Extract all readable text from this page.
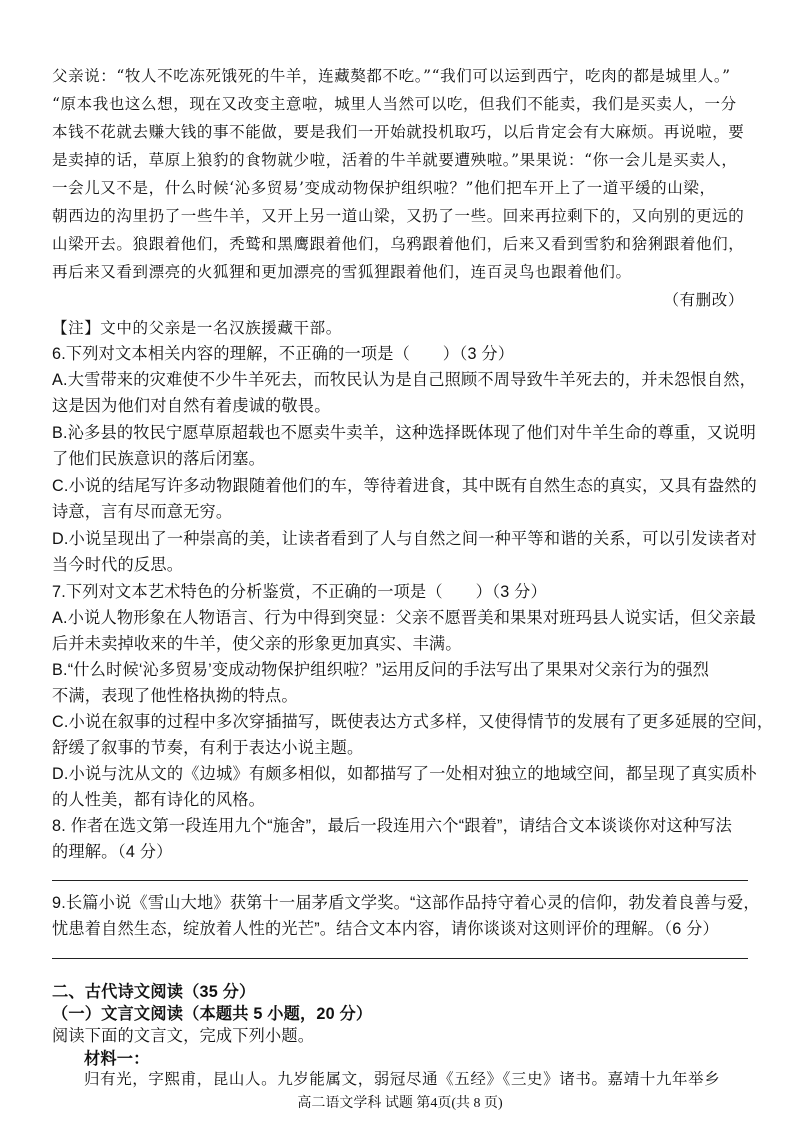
父亲说：“牧人不吃冻死饿死的牛羊，连藏獒都不吃。”“我们可以运到西宁，吃肉的都是城里人。”
“原本我也这么想，现在又改变主意啦，城里人当然可以吃，但我们不能卖，我们是买卖人，一分
本钱不花就去赚大钱的事不能做，要是我们一开始就投机取巧，以后肯定会有大麻烦。再说啦，要
是卖掉的话，草原上狼豹的食物就少啦，活着的牛羊就要遭殃啦。”果果说：“你一会儿是买卖人，
一会儿又不是，什么时候‘沁多贸易’变成动物保护组织啦？”他们把车开上了一道平缓的山梁，
朝西边的沟里扔了一些牛羊，又开上另一道山梁，又扔了一些。回来再拉剩下的，又向别的更远的
山梁开去。狼跟着他们，秃鹫和黑鹰跟着他们，乌鸦跟着他们，后来又看到雪豹和猞猁跟着他们，
再后来又看到漂亮的火狐狸和更加漂亮的雪狐狸跟着他们，连百灵鸟也跟着他们。
（有删改）
【注】文中的父亲是一名汉族援藏干部。
6.下列对文本相关内容的理解，不正确的一项是（　　）（3 分）
A.大雪带来的灾难使不少牛羊死去，而牧民认为是自己照顾不周导致牛羊死去的，并未怨恨自然，
这是因为他们对自然有着虔诚的敬畏。
B.沁多县的牧民宁愿草原超载也不愿卖牛卖羊，这种选择既体现了他们对牛羊生命的尊重，又说明
了他们民族意识的落后闭塞。
C.小说的结尾写许多动物跟随着他们的车，等待着进食，其中既有自然生态的真实，又具有盎然的
诗意，言有尽而意无穷。
D.小说呈现出了一种崇高的美，让读者看到了人与自然之间一种平等和谐的关系，可以引发读者对
当今时代的反思。
7.下列对文本艺术特色的分析鉴赏，不正确的一项是（　　）（3 分）
A.小说人物形象在人物语言、行为中得到突显：父亲不愿晋美和果果对班玛县人说实话，但父亲最
后并未卖掉收来的牛羊，使父亲的形象更加真实、丰满。
B.“什么时候‘沁多贸易’变成动物保护组织啦？”运用反问的手法写出了果果对父亲行为的强烈
不满，表现了他性格执拗的特点。
C.小说在叙事的过程中多次穿插描写，既使表达方式多样，又使得情节的发展有了更多延展的空间，
舒缓了叙事的节奏，有利于表达小说主题。
D.小说与沈从文的《边城》有颇多相似，如都描写了一处相对独立的地域空间，都呈现了真实质朴
的人性美，都有诗化的风格。
8. 作者在选文第一段连用九个“施舍”，最后一段连用六个“跟着”，请结合文本谈谈你对这种写法
的理解。（4 分）
9.长篇小说《雪山大地》获第十一届茅盾文学奖。“这部作品持守着心灵的信仰，勃发着良善与爱，
忧患着自然生态，绽放着人性的光芒”。结合文本内容，请你谈谈对这则评价的理解。（6 分）
二、古代诗文阅读（35 分）
（一）文言文阅读（本题共 5 小题，20 分）
阅读下面的文言文，完成下列小题。
材料一：
归有光，字熙甫，昆山人。九岁能属文，弱冠尽通《五经》《三史》诸书。嘉靖十九年举乡
高二语文学科 试题 第4页(共 8 页)
